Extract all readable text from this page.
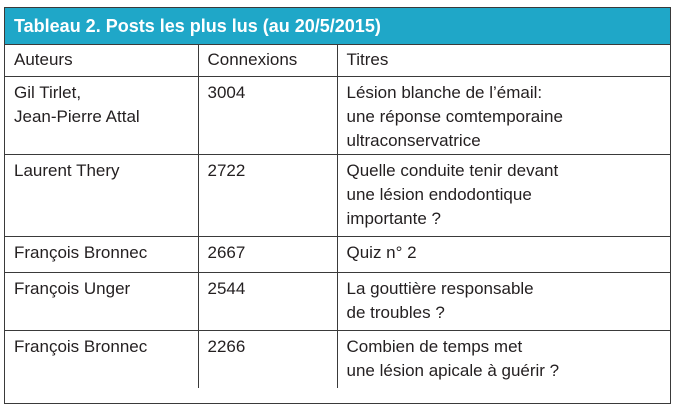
Tableau 2. Posts les plus lus (au 20/5/2015)
Auteurs	Connexions	Titres

Gil Tirlet,
Jean-Pierre Attal	3004	Lésion blanche de l’émail:
une réponse comtemporaine
ultraconservatrice

Laurent Thery	2722	Quelle conduite tenir devant
une lésion endodontique
importante ?

François Bronnec	2667	Quiz n° 2

François Unger	2544	La gouttière responsable
de troubles ?

François Bronnec	2266	Combien de temps met
une lésion apicale à guérir ?
